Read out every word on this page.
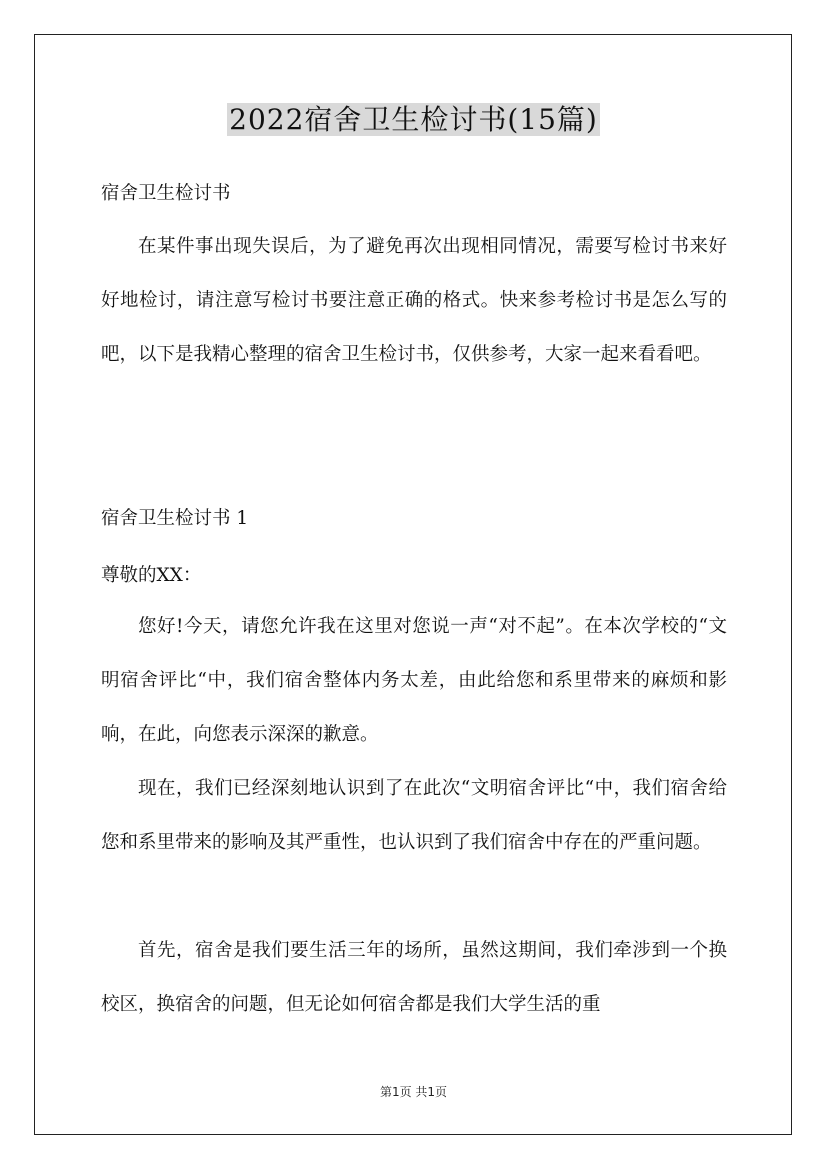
2022宿舍卫生检讨书(15篇)

宿舍卫生检讨书

在某件事出现失误后，为了避免再次出现相同情况，需要写检讨书来好好地检讨，请注意写检讨书要注意正确的格式。快来参考检讨书是怎么写的吧，以下是我精心整理的宿舍卫生检讨书，仅供参考，大家一起来看看吧。

宿舍卫生检讨书 1

尊敬的XX：

您好!今天，请您允许我在这里对您说一声“对不起”。在本次学校的“文明宿舍评比“中，我们宿舍整体内务太差，由此给您和系里带来的麻烦和影响，在此，向您表示深深的歉意。

现在，我们已经深刻地认识到了在此次“文明宿舍评比“中，我们宿舍给您和系里带来的影响及其严重性，也认识到了我们宿舍中存在的严重问题。

首先，宿舍是我们要生活三年的场所，虽然这期间，我们牵涉到一个换校区，换宿舍的问题，但无论如何宿舍都是我们大学生活的重

第1页 共1页
